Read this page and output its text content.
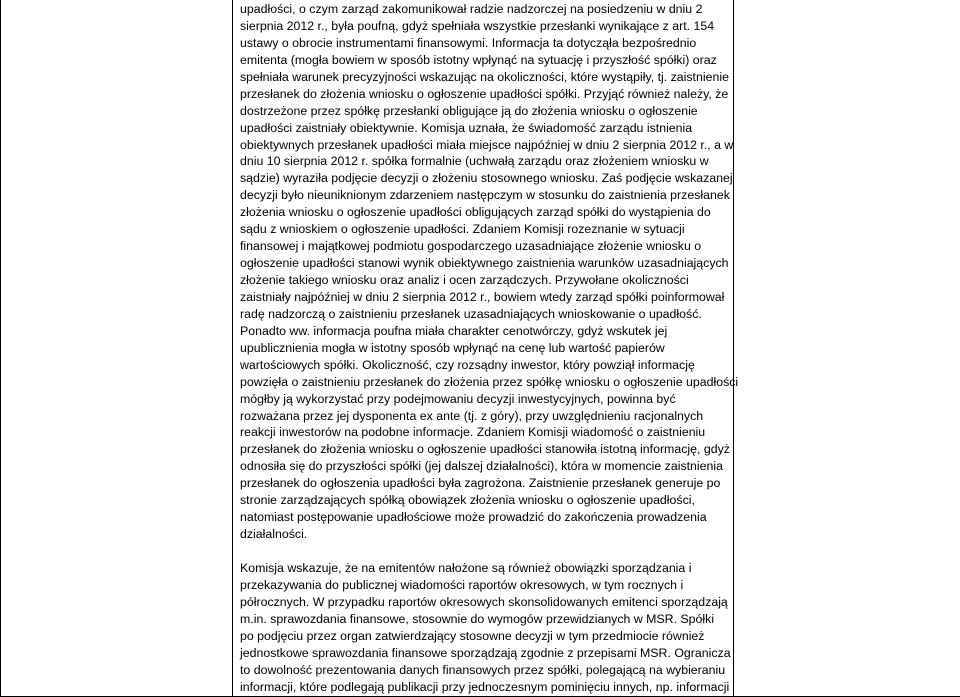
upadłości, o czym zarząd zakomunikował radzie nadzorczej na posiedzeniu w dniu 2
sierpnia 2012 r., była poufną, gdyż spełniała wszystkie przesłanki wynikające z art. 154
ustawy o obrocie instrumentami finansowymi. Informacja ta dotycząła bezpośrednio
emitenta (mogła bowiem w sposób istotny wpłynąć na sytuację i przyszłość spółki) oraz
spełniała warunek precyzyjności wskazując na okoliczności, które wystąpiły, tj. zaistnienie
przesłanek do złożenia wniosku o ogłoszenie upadłości spółki. Przyjąć również należy, że
dostrzeżone przez spółkę przesłanki obligujące ją do złożenia wniosku o ogłoszenie
upadłości zaistniały obiektywnie. Komisja uznała, że świadomość zarządu istnienia
obiektywnych przesłanek upadłości miała miejsce najpóźniej w dniu 2 sierpnia 2012 r., a w
dniu 10 sierpnia 2012 r. spółka formalnie (uchwałą zarządu oraz złożeniem wniosku w
sądzie) wyraziła podjęcie decyzji o złożeniu stosownego wniosku. Zaś podjęcie wskazanej
decyzji było nieuniknionym zdarzeniem następczym w stosunku do zaistnienia przesłanek
złożenia wniosku o ogłoszenie upadłości obligujących zarząd spółki do wystąpienia do
sądu z wnioskiem o ogłoszenie upadłości. Zdaniem Komisji rozeznanie w sytuacji
finansowej i majątkowej podmiotu gospodarczego uzasadniające złożenie wniosku o
ogłoszenie upadłości stanowi wynik obiektywnego zaistnienia warunków uzasadniających
złożenie takiego wniosku oraz analiz i ocen zarządczych. Przywołane okoliczności
zaistniały najpóźniej w dniu 2 sierpnia 2012 r., bowiem wtedy zarząd spółki poinformował
radę nadzorczą o zaistnieniu przesłanek uzasadniających wnioskowanie o upadłość.
Ponadto ww. informacja poufna miała charakter cenotwórczy, gdyż wskutek jej
upublicznienia mogła w istotny sposób wpłynąć na cenę lub wartość papierów
wartościowych spółki. Okoliczność, czy rozsądny inwestor, który powziął informację
powzięła o zaistnieniu przesłanek do złożenia przez spółkę wniosku o ogłoszenie upadłości
mógłby ją wykorzystać przy podejmowaniu decyzji inwestycyjnych, powinna być
rozważana przez jej dysponenta ex ante (tj. z góry), przy uwzględnieniu racjonalnych
reakcji inwestorów na podobne informacje. Zdaniem Komisji wiadomość o zaistnieniu
przesłanek do złożenia wniosku o ogłoszenie upadłości stanowiła istotną informację, gdyż
odnosiła się do przyszłości spółki (jej dalszej działalności), która w momencie zaistnienia
przesłanek do ogłoszenia upadłości była zagrożona. Zaistnienie przesłanek generuje po
stronie zarządzających spółką obowiązek złożenia wniosku o ogłoszenie upadłości,
natomiast postępowanie upadłościowe może prowadzić do zakończenia prowadzenia
działalności.
Komisja wskazuje, że na emitentów nałożone są również obowiązki sporządzania i
przekazywania do publicznej wiadomości raportów okresowych, w tym rocznych i
półrocznych. W przypadku raportów okresowych skonsolidowanych emitenci sporządzają
m.in. sprawozdania finansowe, stosownie do wymogów przewidzianych w MSR. Spółki
po podjęciu przez organ zatwierdzający stosowne decyzji w tym przedmiocie również
jednostkowe sprawozdania finansowe sporządzają zgodnie z przepisami MSR. Ogranicza
to dowolność prezentowania danych finansowych przez spółki, polegającą na wybieraniu
informacji, które podlegają publikacji przy jednoczesnym pominięciu innych, np. informacji
